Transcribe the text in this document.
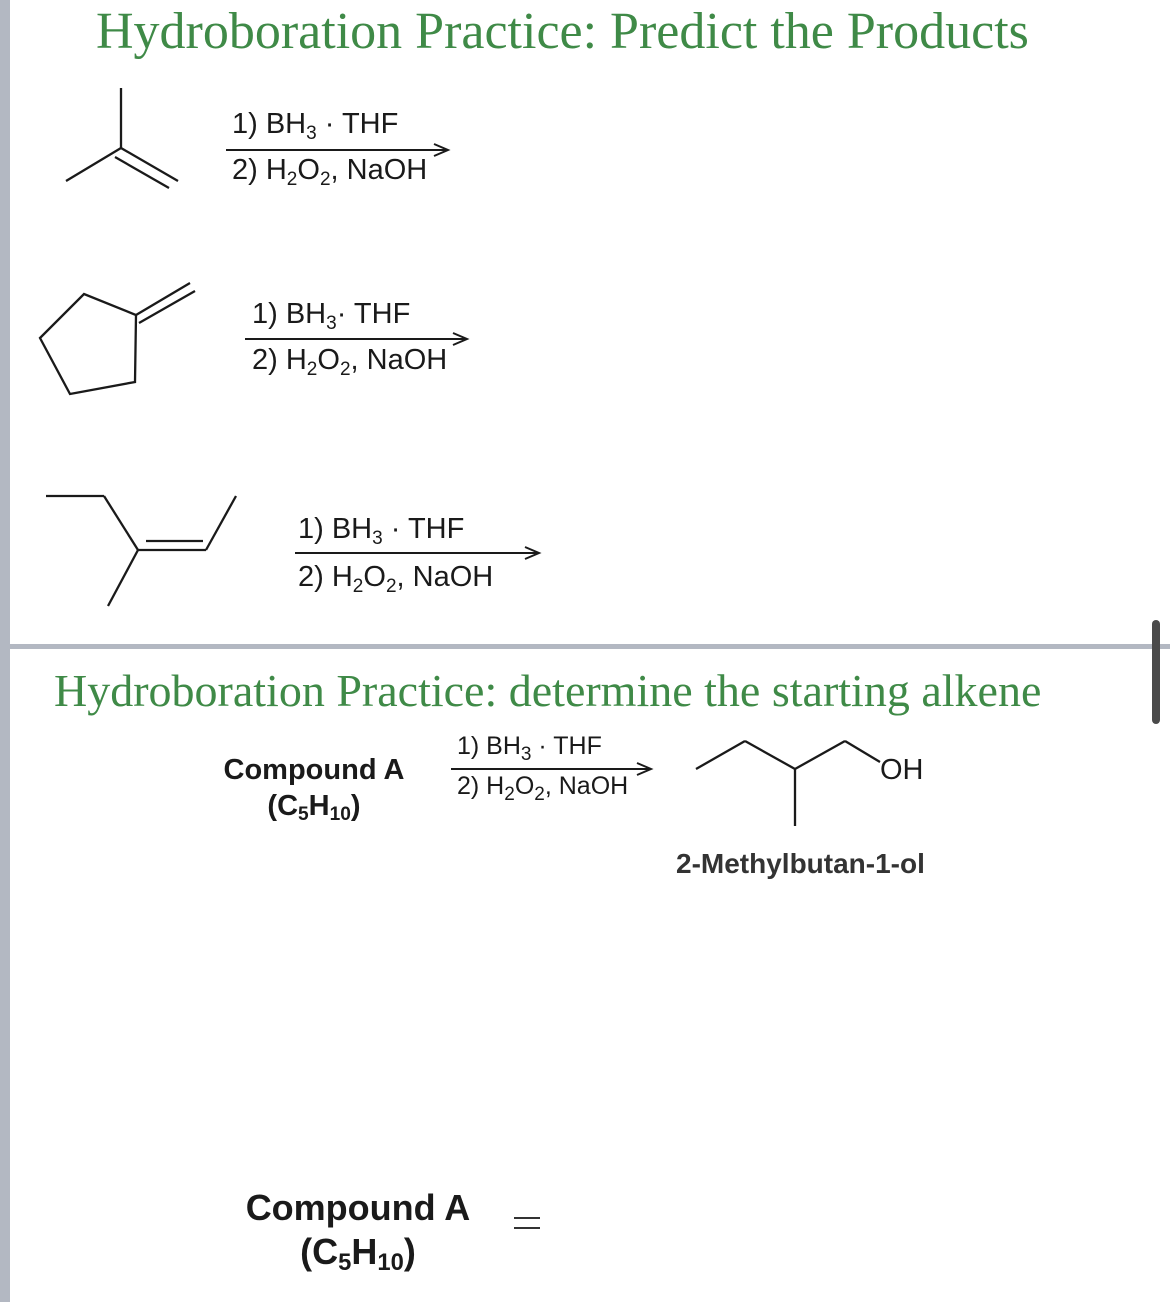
Hydroboration Practice: Predict the Products
1) $BH_3$ · THF
2) $H_2O_2$, NaOH
1) $BH_3\cdot$ THF
2) $H_2O_2$, NaOH
1) $BH_3$ · THF
2) $H_2O_2$, NaOH
Hydroboration Practice: determine the starting alkene
Compound A
$(C_5H_{10})$
1) $BH_3$ · THF
2) $H_2O_2$, NaOH	OH
2-Methylbutan-1-ol
Compound A
$(C_5H_{10})$
